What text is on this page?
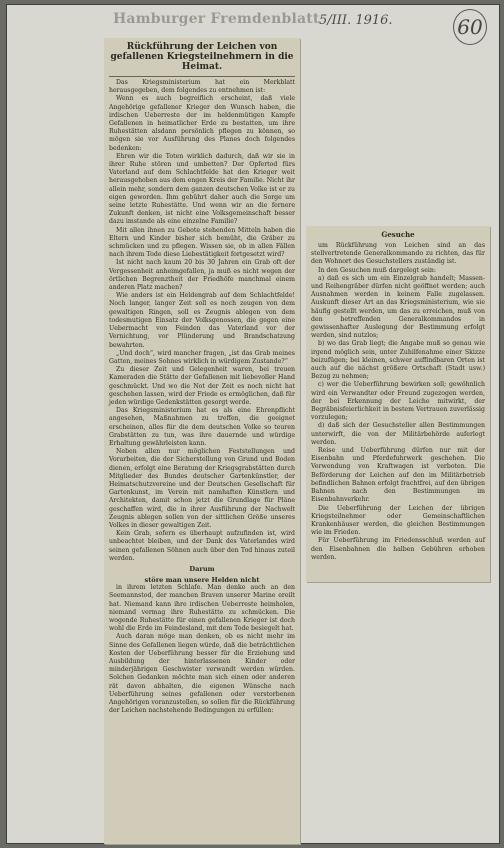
Hamburger Fremdenblatt 5/III. 1916.	60
Rückführung der Leichen von gefallenen Kriegsteilnehmern in die Heimat.

Das Kriegsministerium hat ein Merkblatt herausgegeben, dem folgendes zu entnehmen ist:

Wenn es auch begreiflich erscheint, daß viele Angehörige gefallener Krieger den Wunsch haben, die irdischen Ueberreste der im heldenmütigen Kampfe Gefallenen in heimatlicher Erde zu bestatten, um ihre Ruhestätten alsdann persönlich pflegen zu können, so mögen sie vor Ausführung des Planes doch folgendes bedenken:

Ehren wir die Toten wirklich dadurch, daß wir sie in ihrer Ruhe stören und umbetten? Der Opfertod fürs Vaterland auf dem Schlachtfelde hat den Krieger weit herausgehoben aus dem engen Kreis der Familie. Nicht ihr allein mehr, sondern dem ganzen deutschen Volke ist er zu eigen geworden. Ihm gebührt daher auch die Sorge um seine letzte Ruhestätte. Und wenn wir an die fernere Zukunft denken, ist nicht eine Volksgemeinschaft besser dazu imstande als eine einzelne Familie?

Mit allen ihnen zu Gebote stehenden Mitteln haben die Eltern und Kinder bisher sich bemüht, die Gräber zu schmücken und zu pflegen. Wissen sie, ob in allen Fällen nach ihrem Tode diese Liebestätigkeit fortgesetzt wird?

Ist nicht nach kaum 20 bis 30 Jahren ein Grab oft der Vergessenheit anheimgefallen, ja muß es nicht wegen der örtlichen Begrenztheit der Friedhöfe manchmal einem anderen Platz machen?

Wie anders ist ein Heldengrab auf dem Schlachtfelde! Noch langer, langer Zeit soll es noch zeugen von dem gewaltigen Ringen, soll es Zeugnis ablegen von dem todesmutigen Einsatz der Volksgenossen, die gegen eine Uebermacht von Feinden das Vaterland vor der Vernichtung, vor Plünderung und Brandschatzung bewahrten.

„Und doch“, wird mancher fragen, „ist das Grab meines Gatten, meines Sohnes wirklich in würdigem Zustande?“

Zu dieser Zeit und Gelegenheit waren, bei treuen Kameraden die Stätte der Gefallenen mit liebevoller Hand geschmückt. Und wo die Not der Zeit es noch nicht hat geschehen lassen, wird der Friede es ermöglichen, daß für jeden würdige Gedenkstätten gesorgt werde.

Das Kriegsministerium hat es als eine Ehrenpflicht angesehen, Maßnahmen zu treffen, die geeignet erscheinen, alles für die dem deutschen Volke so teuren Grabstätten zu tun, was ihre dauernde und würdige Erhaltung gewährleisten kann.

Neben allen nur möglichen Feststellungen und Vorarbeiten, die der Sicherstellung von Grund und Boden dienen, erfolgt eine Beratung der Kriegsgrabstätten durch Mitglieder des Bundes deutscher Gartenkünstler, der Heimatschutzvereine und der Deutschen Gesellschaft für Gartenkunst, im Verein mit namhaften Künstlern und Architekten, damit schon jetzt die Grundlage für Pläne geschaffen wird, die in ihrer Ausführung der Nachwelt Zeugnis ablegen sollen von der sittlichen Größe unseres Volkes in dieser gewaltigen Zeit.

Kein Grab, sofern es überhaupt aufzufinden ist, wird unbeachtet bleiben, und der Dank des Vaterlandes wird seinen gefallenen Söhnen auch über den Tod hinaus zuteil werden.

Darum
störe man unsere Helden nicht

in ihrem letzten Schlafe. Man denke auch an den Seemannstod, der manchen Braven unserer Marine ereilt hat. Niemand kann ihre irdischen Ueberreste heimholen, niemand vermag ihre Ruhestätte zu schmücken. Die wogende Ruhestätte für einen gefallenen Krieger ist doch wohl die Erde im Feindesland, mit dem Tode besiegelt hat.

Auch daran möge man denken, ob es nicht mehr im Sinne des Gefallenen liegen würde, daß die beträchtlichen Kosten der Ueberführung besser für die Erziehung und Ausbildung der hinterlassenen Kinder oder minderjährigen Geschwister verwandt werden würden. Solchen Gedanken möchte man sich einen oder anderen rät davon abhalten, die eigenen Wünsche nach Ueberführung seines gefallenen oder verstorbenen Angehörigen voranzustellen, so sollen für die Rückführung der Leichen nachstehende Bedingungen zu erfüllen:

Gesuche

um Rückführung von Leichen sind an das stellvertretende Generalkommando zu richten, das für den Wohnort des Gesuchstellers zuständig ist.

In den Gesuchen muß dargelegt sein:

a) daß es sich um ein Einzelgrab handelt; Massen- und Reihengräber dürfen nicht geöffnet werden; auch Ausnahmen werden in keinem Falle zugelassen. Auskunft dieser Art an das Kriegsministerium, wie sie häufig gestellt werden, um das zu erreichen, muß von den betreffenden Generalkommandos in gewissenhafter Auslegung der Bestimmung erfolgt werden, sind nutzlos;

b) wo das Grab liegt; die Angabe muß so genau wie irgend möglich sein, unter Zuhilfenahme einer Skizze beizufügen; bei kleinen, schwer auffindbaren Orten ist auch auf die nächst größere Ortschaft (Stadt usw.) Bezug zu nehmen;

c) wer die Ueberführung bewirken soll; gewöhnlich wird ein Verwandter oder Freund zugezogen werden, der bei Erkennung der Leiche mitwirkt, der Begräbnisfeierlichkeit in bestem Vertrauen zuverlässig vorzulegen;

d) daß sich der Gesuchsteller allen Bestimmungen unterwirft, die von der Militärbehörde auferlegt werden.

Reise und Ueberführung dürfen nur mit der Eisenbahn und Pferdefuhrwerk geschehen. Die Verwendung von Kraftwagen ist verboten. Die Beförderung der Leichen auf den im Militärbetrieb befindlichen Bahnen erfolgt frachtfrei, auf den übrigen Bahnen nach den Bestimmungen im Eisenbahnverkehr.

Die Ueberführung der Leichen der übrigen Kriegsteilnehmer oder Gemeinschaftlichen Krankenhäuser werden, die gleichen Bestimmungen wie im Frieden.

Für Ueberführung im Friedensschluß werden auf den Eisenbahnen die halben Gebühren erhoben werden.
